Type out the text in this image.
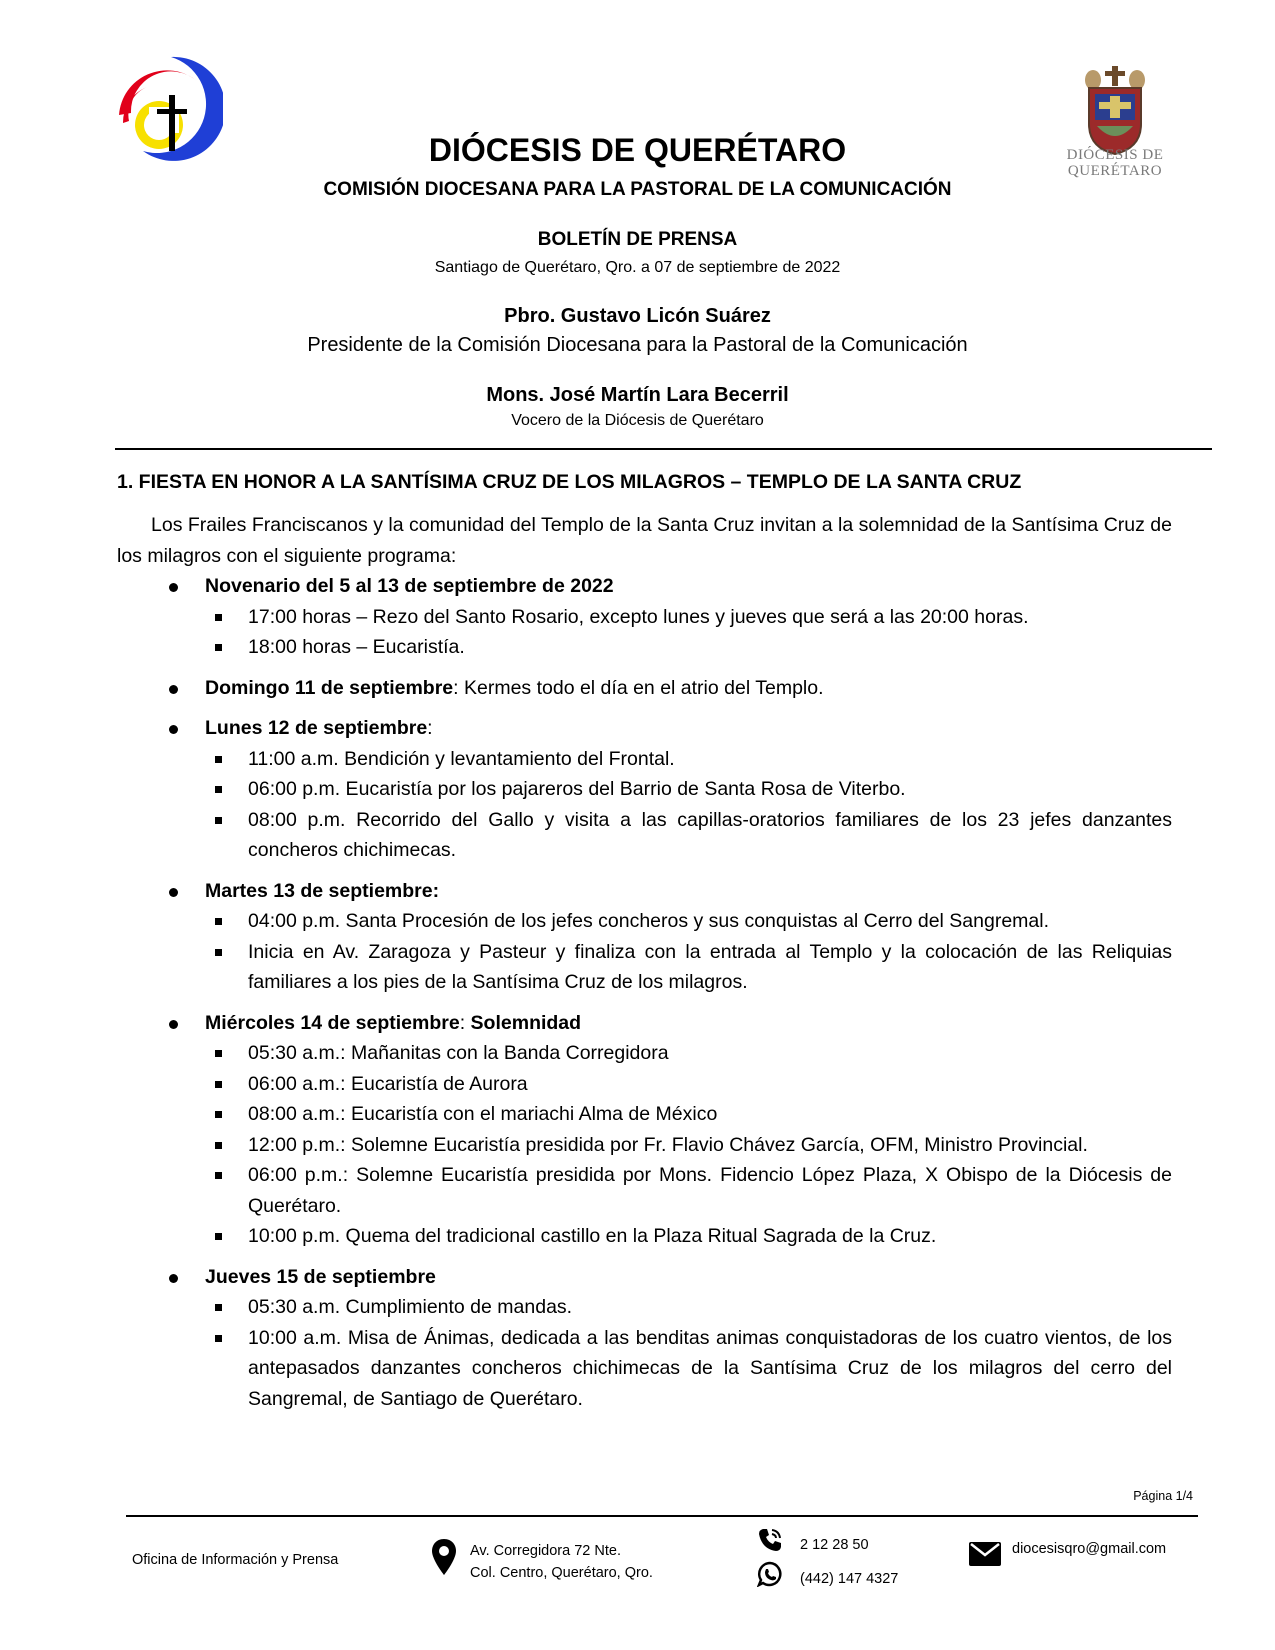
DIÓCESIS DE
QUERÉTARO
DIÓCESIS DE QUERÉTARO
COMISIÓN DIOCESANA PARA LA PASTORAL DE LA COMUNICACIÓN
BOLETÍN DE PRENSA
Santiago de Querétaro, Qro. a 07 de septiembre de 2022
Pbro. Gustavo Licón Suárez
Presidente de la Comisión Diocesana para la Pastoral de la Comunicación
Mons. José Martín Lara Becerril
Vocero de la Diócesis de Querétaro
1. FIESTA EN HONOR A LA SANTÍSIMA CRUZ DE LOS MILAGROS – TEMPLO DE LA SANTA CRUZ

Los Frailes Franciscanos y la comunidad del Templo de la Santa Cruz invitan a la solemnidad de la Santísima Cruz de los milagros con el siguiente programa:

Novenario del 5 al 13 de septiembre de 2022
17:00 horas – Rezo del Santo Rosario, excepto lunes y jueves que será a las 20:00 horas.
18:00 horas – Eucaristía.
Domingo 11 de septiembre: Kermes todo el día en el atrio del Templo.
Lunes 12 de septiembre:
11:00 a.m. Bendición y levantamiento del Frontal.
06:00 p.m. Eucaristía por los pajareros del Barrio de Santa Rosa de Viterbo.
08:00 p.m. Recorrido del Gallo y visita a las capillas-oratorios familiares de los 23 jefes danzantes concheros chichimecas.
Martes 13 de septiembre:
04:00 p.m. Santa Procesión de los jefes concheros y sus conquistas al Cerro del Sangremal.
Inicia en Av. Zaragoza y Pasteur y finaliza con la entrada al Templo y la colocación de las Reliquias familiares a los pies de la Santísima Cruz de los milagros.
Miércoles 14 de septiembre: Solemnidad
05:30 a.m.: Mañanitas con la Banda Corregidora
06:00 a.m.: Eucaristía de Aurora
08:00 a.m.: Eucaristía con el mariachi Alma de México
12:00 p.m.: Solemne Eucaristía presidida por Fr. Flavio Chávez García, OFM, Ministro Provincial.
06:00 p.m.: Solemne Eucaristía presidida por Mons. Fidencio López Plaza, X Obispo de la Diócesis de Querétaro.
10:00 p.m. Quema del tradicional castillo en la Plaza Ritual Sagrada de la Cruz.
Jueves 15 de septiembre
05:30 a.m. Cumplimiento de mandas.
10:00 a.m. Misa de Ánimas, dedicada a las benditas animas conquistadoras de los cuatro vientos, de los antepasados danzantes concheros chichimecas de la Santísima Cruz de los milagros del cerro del Sangremal, de Santiago de Querétaro.
Página 1/4
Oficina de Información y Prensa
Av. Corregidora 72 Nte.
Col. Centro, Querétaro, Qro.
2 12 28 50
(442) 147 4327
diocesisqro@gmail.com
